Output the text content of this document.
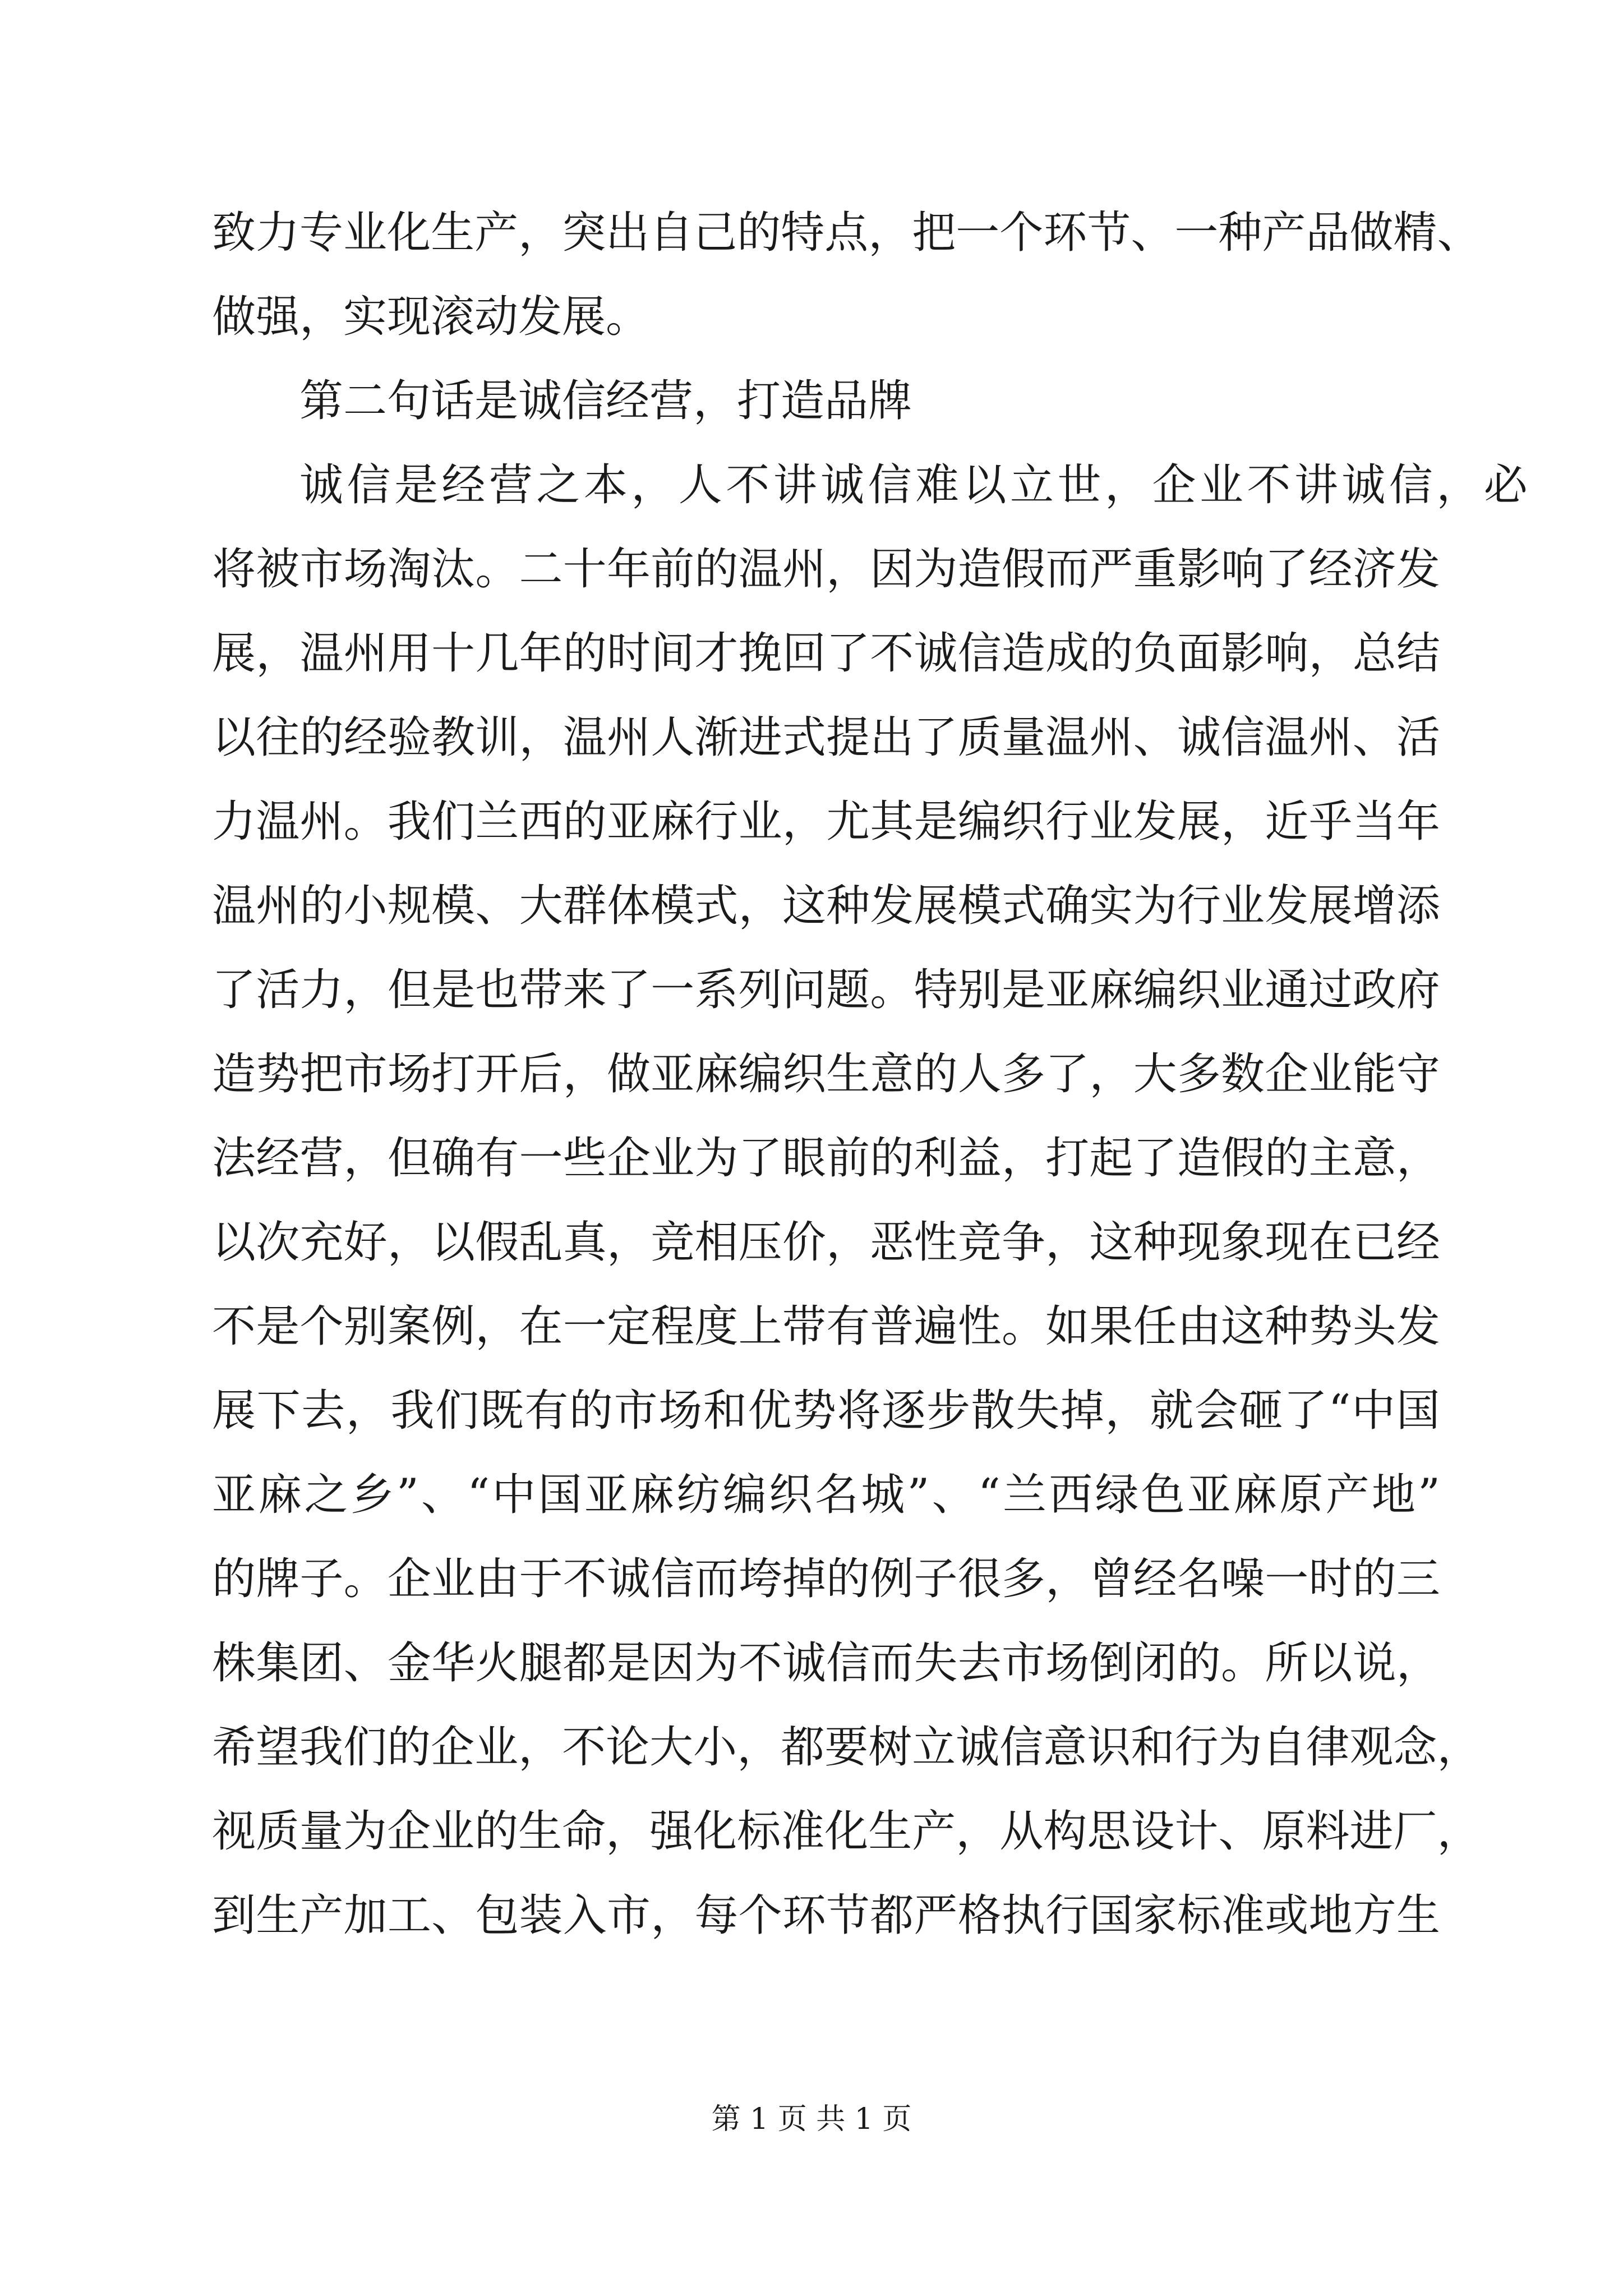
致 力 专 业 化 生 产 ， 突 出 自 己 的 特 点 ， 把 一 个 环 节 、 一 种 产 品 做 精 、
做强，实现滚动发展。
第二句话是诚信经营，打造品牌
诚 信 是 经 营 之 本 ， 人 不 讲 诚 信 难 以 立 世 ， 企 业 不 讲 诚 信 ， 必
将 被 市 场 淘 汰 。 二 十 年 前 的 温 州 ， 因 为 造 假 而 严 重 影 响 了 经 济 发
展 ， 温 州 用 十 几 年 的 时 间 才 挽 回 了 不 诚 信 造 成 的 负 面 影 响 ， 总 结
以 往 的 经 验 教 训 ， 温 州 人 渐 进 式 提 出 了 质 量 温 州 、 诚 信 温 州 、 活
力 温 州 。 我 们 兰 西 的 亚 麻 行 业 ， 尤 其 是 编 织 行 业 发 展 ， 近 乎 当 年
温 州 的 小 规 模 、 大 群 体 模 式 ， 这 种 发 展 模 式 确 实 为 行 业 发 展 增 添
了 活 力 ， 但 是 也 带 来 了 一 系 列 问 题 。 特 别 是 亚 麻 编 织 业 通 过 政 府
造 势 把 市 场 打 开 后 ， 做 亚 麻 编 织 生 意 的 人 多 了 ， 大 多 数 企 业 能 守
法 经 营 ， 但 确 有 一 些 企 业 为 了 眼 前 的 利 益 ， 打 起 了 造 假 的 主 意 ，
以 次 充 好 ， 以 假 乱 真 ， 竞 相 压 价 ， 恶 性 竞 争 ， 这 种 现 象 现 在 已 经
不 是 个 别 案 例 ， 在 一 定 程 度 上 带 有 普 遍 性 。 如 果 任 由 这 种 势 头 发
展 下 去 ， 我 们 既 有 的 市 场 和 优 势 将 逐 步 散 失 掉 ， 就 会 砸 了 “ 中 国
亚 麻 之 乡 ” 、 “ 中 国 亚 麻 纺 编 织 名 城 ” 、 “ 兰 西 绿 色 亚 麻 原 产 地 ”
的 牌 子 。 企 业 由 于 不 诚 信 而 垮 掉 的 例 子 很 多 ， 曾 经 名 噪 一 时 的 三
株 集 团 、 金 华 火 腿 都 是 因 为 不 诚 信 而 失 去 市 场 倒 闭 的 。 所 以 说 ，
希 望 我 们 的 企 业 ， 不 论 大 小 ， 都 要 树 立 诚 信 意 识 和 行 为 自 律 观 念 ，
视 质 量 为 企 业 的 生 命 ， 强 化 标 准 化 生 产 ， 从 构 思 设 计 、 原 料 进 厂 ，
到 生 产 加 工 、 包 装 入 市 ， 每 个 环 节 都 严 格 执 行 国 家 标 准 或 地 方 生
第 1 页 共 1 页
